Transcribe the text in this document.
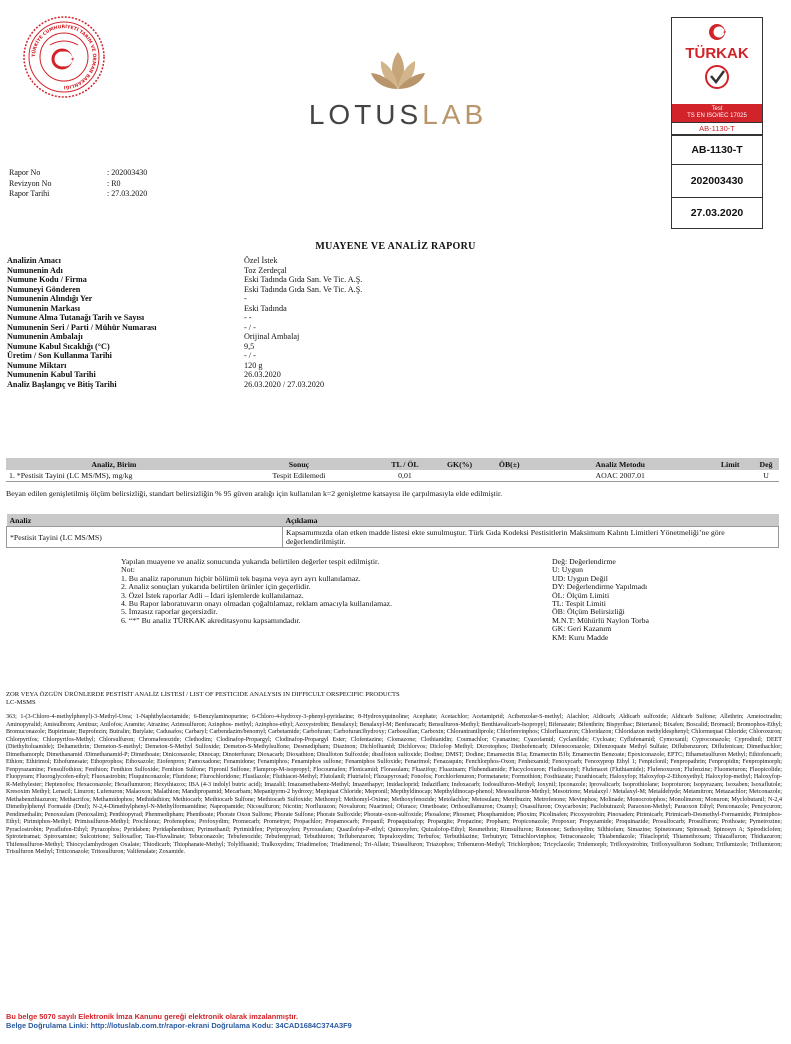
TÜRKİYE CUMHURİYETİ TARIM VE ORMAN BAKANLIĞI
LOTUSLAB
TÜRKAK
Test
TS EN ISO/IEC 17025
AB-1130-T
AB-1130-T
202003430
27.03.2020
Rapor No	: 202003430
Revizyon No	: R0
Rapor Tarihi	: 27.03.2020
MUAYENE VE ANALİZ RAPORU
Analizin Amacı	Özel İstek
Numunenin Adı	Toz Zerdeçal
Numune Kodu / Firma	Eski Tadında Gıda San. Ve Tic. A.Ş.
Numuneyi Gönderen	Eski Tadında Gıda San. Ve Tic. A.Ş.
Numunenin Alındığı Yer	-
Numunenin Markası	Eski Tadında
Numune Alma Tutanağı Tarih ve Sayısı	- -
Numunenin Seri / Parti / Mühür Numarası	- / -
Numunenin Ambalajı	Orijinal Ambalaj
Numune Kabul Sıcaklığı (°C)	9,5
Üretim / Son Kullanma Tarihi	- / -
Numune Miktarı	120 g
Numunenin Kabul Tarihi	26.03.2020
Analiz Başlangıç ve Bitiş Tarihi	26.03.2020 / 27.03.2020
Analiz, Birim	Sonuç	TL / ÖL	GK(%)	ÖB(±)	Analiz Metodu	Limit	Değ
1. *Pestisit Tayini (LC MS/MS), mg/kg	Tespit Edilemedi	0,01			AOAC 2007.01		U
Beyan edilen genişletilmiş ölçüm belirsizliği, standart belirsizliğin % 95 güven aralığı için kullanılan k=2 genişletme katsayısı ile çarpılmasıyla elde edilmiştir.
Analiz	Açıklama
*Pestisit Tayini (LC MS/MS)	Kapsamımızda olan etken madde listesi ekte sunulmuştur. Türk Gıda Kodeksi Pestisitlerin Maksimum Kalıntı Limitleri Yönetmeliği’ne göre değerlendirilmiştir.
Yapılan muayene ve analiz sonucunda yukarıda belirtilen değerler tespit edilmiştir.
Not:
1. Bu analiz raporunun hiçbir bölümü tek başına veya ayrı ayrı kullanılamaz.
2. Analiz sonuçları yukarıda belirtilen ürünler için geçerlidir.
3. Özel İstek raporlar Adli – İdari işlemlerde kullanılamaz.
4. Bu Rapor laboratuvarın onayı olmadan çoğaltılamaz, reklam amacıyla kullanılamaz.
5. İmzasız raporlar geçersizdir.
6. “*” Bu analiz TÜRKAK akreditasyonu kapsamındadır.
Değ: Değerlendirme
U: Uygun
UD: Uygun Değil
DY: Değerlendirme Yapılmadı
ÖL: Ölçüm Limiti
TL: Tespit Limiti
ÖB: Ölçüm Belirsizliği
M.N.T: Mühürlü Naylon Torba
GK: Geri Kazanım
KM: Kuru Madde
ZOR VEYA ÖZGÜN ÜRÜNLERDE PESTİSİT ANALİZ LİSTESİ / LIST OF PESTICIDE ANALYSIS IN DIFFICULT ORSPECIFIC PRODUCTS
LC-MSMS
363; 1-(3-Chloro-4-methylphenyl)-3-Methyl-Urea; 1-Naphthylacetamide; 6-Benzylaminopurine; 6-Chloro-4-hydroxy-3-phenyl-pyridazine; 8-Hydroxyquinoline; Acephate; Acetachlor; Acetamiprid; Acibenzolar-S-methyl; Alachlor; Aldicarb; Aldicarb sulfoxide; Aldicarb Sulfone; Allethrin; Ametoctradin; Aminopyralid; Amisulbrom; Amitraz; Anilofos; Aramite; Atrazine; Azimsulfuron; Azinphos- methyl; Azinphos-ethyl; Azoxystrobin; Benalaxyl; Benalaxyl-M; Benfuracarb; Bensulfuron-Methyl; Benthiavalicarb-Isopropyl; Bifenazate; Bifenthrin; Bispyribac; Bitertanol; Bixafen; Boscalid; Bromacil; Bromophos-Ethyl; Bromuconazole; Bupirimate; Buprofezin; Butralin; Butylate; Cadusafos; Carbaryl; Carbendazim/benomyl; Carbetamide; Carbofuran; Carbofuran3hydroxy; Carbosulfan; Carboxin; Chlorantraniliprole; Chlorfenvinphos; Chlorfluazuron; Chloridazon; Chloridazon methyldesphenyl; Chlormequat Chloride; Chloroxuron; Chlorpyrifos; Chlorpyrifos-Methyl; Chlorsulfuron; Chromafenozide; Clethodim; Clodinafop-Propargyl; Clodinafop-Propargyl Ester; Clofentazine; Clomazone; Clothianidin; Coumachlor; Cyanazine; Cyazofamid; Cyclanilide; Cycloate; Cyflufenamid; Cymoxanil; Cyproconazole; Cyprodinil; DEET (Diethyltoluamide); Deltamethrin; Demeton-S-methyl; Demeton-S-Methyl Sulfoxide; Demeton-S-Methylsulfone; Desmedipham; Diazinon; Dichlofluanid; Dichlorvos; Diclofop Methyl; Dicrotophos; Diethofencarb; Difenoconazole; Difenzoquate Methyl Sulfate; Diflubenzuron; Diflufenican; Dimethachlor; Dimethamorph; Dimethanamid /Dimethanamid-P; Dimethoate; Diniconazole; Dinocap; Dinoterfuran; Dioxacarb; Dioxathion; Disulfoton Sulfoxide; disulfoton sulfoxide; Dodine; DMST; Dodine; Emamectin B1a; Emamectin B1b; Emamectin Benzoate; Epoxiconazole; EPTC; Ethametsulfuron Methyl; Ethiofencarb; Ethion; Ethirimol; Ethofumesate; Ethoprophos; Ethoxazole; Etofenprox; Famoxadone; Fenamidone; Fenamiphos; Fenamiphos sulfone; Fenamiphos Sulfoxide; Fenarimol; Fenazaquin; Fenchlorphos-Oxon; Fenhexamid; Fenoxycarb; Fenoxyprop Ethyl 1; Fenpiclonil; Fenpropathrin; Fenpropidin; Fenpropimorph; Fenpyrazamine; Fensulfothion; Fenthion; Fenthion Sulfoxide; Fenthion Sulfone; Fipronil Sulfone; Flamprop-M-isopropyl; Flocoumafen; Flonicamid; Florasulam; Fluazifop; Fluazinam; Flubendiamide; Flucycloxuron; Fludioxonyl; Flufenacet (Fluthiamide); Flufenoxuron; Flufenzine; Fluometuron; Fluopicolide; Fluopyram; Fluoroglycofen-ethyl; Fluoxastrobin; Fluquinconazole; Fluridone; Flurochloridone; Flusilazole; Fluthiacet-Methyl; Flutolanil; Flutriafol; Fluxapyroxad; Fonofos; Forchlorfenuron; Formetanete; Formothion; Fosthiazate; Furathiocarb; Haloxyfop; Haloxyfop-2-Ethoxyethyl; Haloxyfop-methyl; Haloxyfop-R-Methylester; Heptenofos; Hexaconazole; Hexaflumuron; Hexythiazox; IBA (4-3 indolyl butric acid); Imazalil; Imazamethabenz-Methyl; Imazethapyr; Imidacloprid; Indaziflam; Indoxacarb; Iodosulfuron-Methyl; Ioxynil; Ipconazole; Iprovalicarb; Isoprothiolane; Isoproturon; Isopyrazam; Isoxaben; Isoxaflutole; Kresoxim Methyl; Lenacil; Linuron; Lufenuron; Malaoxon; Malathion; Mandipropamid; Mecarbam; Mepanipyrm-2 hydroxy; Mepiquat Chloride; Mepronil; Mepthyldinocap; Mepthyldinocap-phenol; Mesosulfuron-Methyl; Mesotrione; Metalaxyl / Metalaxyl-M; Metaldehyde; Metamitron; Metazachlor; Metconazole; Methabenzthiazuron; Methacrifos; Methamidophos; Methidathion; Methiocarb; Methiocarb Sulfone; Methiocarb Sulfoxide; Methomyl; Methomyl-Oxime; Methoxyfenozide; Metolachlor; Metosulam; Metribuzin; Metrofenone; Mevinphos; Molinade; Monocrotophos; Monolinuron; Monuron; Myclobutanil; N-2,4 Dimethylphenyl Formaide (Dmf); N-2,4-Dimethylphenyl-N-Methylformamidine; Napropamide; Nicosulfuron; Nicotin; Norflurazon; Novaluron; Nuarimol; Ofurace; Omethoate; Orthosulfamuron; Oxamyl; Oxasulfuron; Oxycarboxin; Paclobutrazol; Paraoxon-Methyl; Paraoxon Ethyl; Penconazole; Pencycuron; Pendimethalin; Penoxsulam (Penoxalim); Penthiopyrad; Phenmedipham; Phenthoate; Phorate Oxon Sulfone; Phorate Sulfone; Phorate Sulfoxide; Phorate-oxon-sulfoxide; Phosalone; Phosmet; Phosphamidon; Phoxim; Picolinafen; Picoxystrobin; Pinoxaden; Pirimicarb; Pirimicarb-Desmethyl-Formamido; Pirimiphos-Ethyl; Pirimiphos-Methyl; Primisulfuron-Methyl; Prochloraz; Profenophos; Profoxydim; Promecarb; Prometryn; Propachlor; Propamocarb; Propanil; Propaquizafop; Propargite; Propazine; Propham; Propiconazole; Propoxur; Propyzamide; Proquinazide; Prosulfocarb; Prosulfuron; Prothoate; Pymetrozine; Pyraclostrobin; Pyraflufen-Ethyl; Pyrazophos; Pyridaben; Pyridaphenthion; Pyrimethanil; Pyrimidifen; Pyriproxyfen; Pyroxsulam; Quazilofop-P-ethyl; Quinoxyfen; Quizalofop-Ethyl; Resmethrin; Rimsulfuron; Rotenone; Sethoxydim; Silthiofam; Simazine; Spinetoram; Spinosad; Spinosyn A; Spirodiclofen; Spirotetramat; Spiroxamine; Sulcotrione; Sulfoxaflor; Tau-Fluvalinate; Tebuconazole; Tebufenozide; Tebufenpyrad; Tebuthiuron; Teflubenzuron; Tepraloxydim; Terbufos; Terbuthlazine; Terbutryn; Tetrachlorvinphos; Tetraconazole; Thiabendazole; Thiacloprid; Thiamethoxam; Thiazafluron; Thidiazuron; Thifensulfuron-Methyl; Thiocyclamhydrogen Oxalate; Thiodicarb; Thiophanate-Methyl; Tolylfluanid; Tralkoxydim; Triadimefon; Triadimenol; Tri-Allate; Triasulfuron; Triazophos; Tribenuron-Methyl; Trichlorphon; Tricyclazole; Tridemorph; Trifloxystrobin; Trifloxysulfuron Sodium; Triflumizole; Triflumuron; Trisulfuron Methyl; Triticonazole; Tritosulfuron; Valifenalate; Zoxamide.
Bu belge 5070 sayılı Elektronik İmza Kanunu gereği elektronik olarak imzalanmıştır.
Belge Doğrulama Linki: http://lotuslab.com.tr/rapor-ekrani Doğrulama Kodu: 34CAD1684C374A3F9
